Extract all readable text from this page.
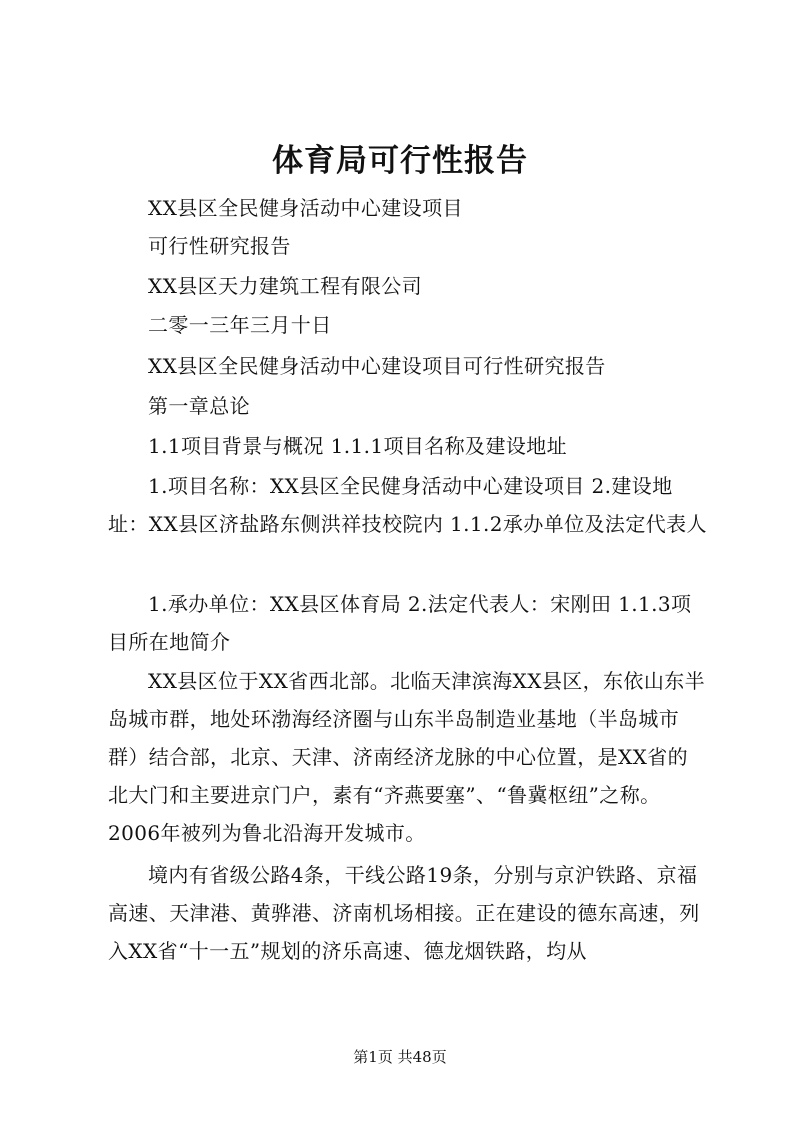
体育局可行性报告

XX县区全民健身活动中心建设项目

可行性研究报告

XX县区天力建筑工程有限公司

二零一三年三月十日

XX县区全民健身活动中心建设项目可行性研究报告

第一章总论

1.1项目背景与概况 1.1.1项目名称及建设地址

1.项目名称：XX县区全民健身活动中心建设项目 2.建设地址：XX县区济盐路东侧洪祥技校院内 1.1.2承办单位及法定代表人

1.承办单位：XX县区体育局 2.法定代表人：宋刚田 1.1.3项目所在地简介

XX县区位于XX省西北部。北临天津滨海XX县区，东依山东半岛城市群，地处环渤海经济圈与山东半岛制造业基地（半岛城市群）结合部，北京、天津、济南经济龙脉的中心位置，是XX省的北大门和主要进京门户，素有“齐燕要塞”、“鲁冀枢纽”之称。2006年被列为鲁北沿海开发城市。

境内有省级公路4条，干线公路19条，分别与京沪铁路、京福高速、天津港、黄骅港、济南机场相接。正在建设的德东高速，列入XX省“十一五”规划的济乐高速、德龙烟铁路，均从

第1页 共48页
